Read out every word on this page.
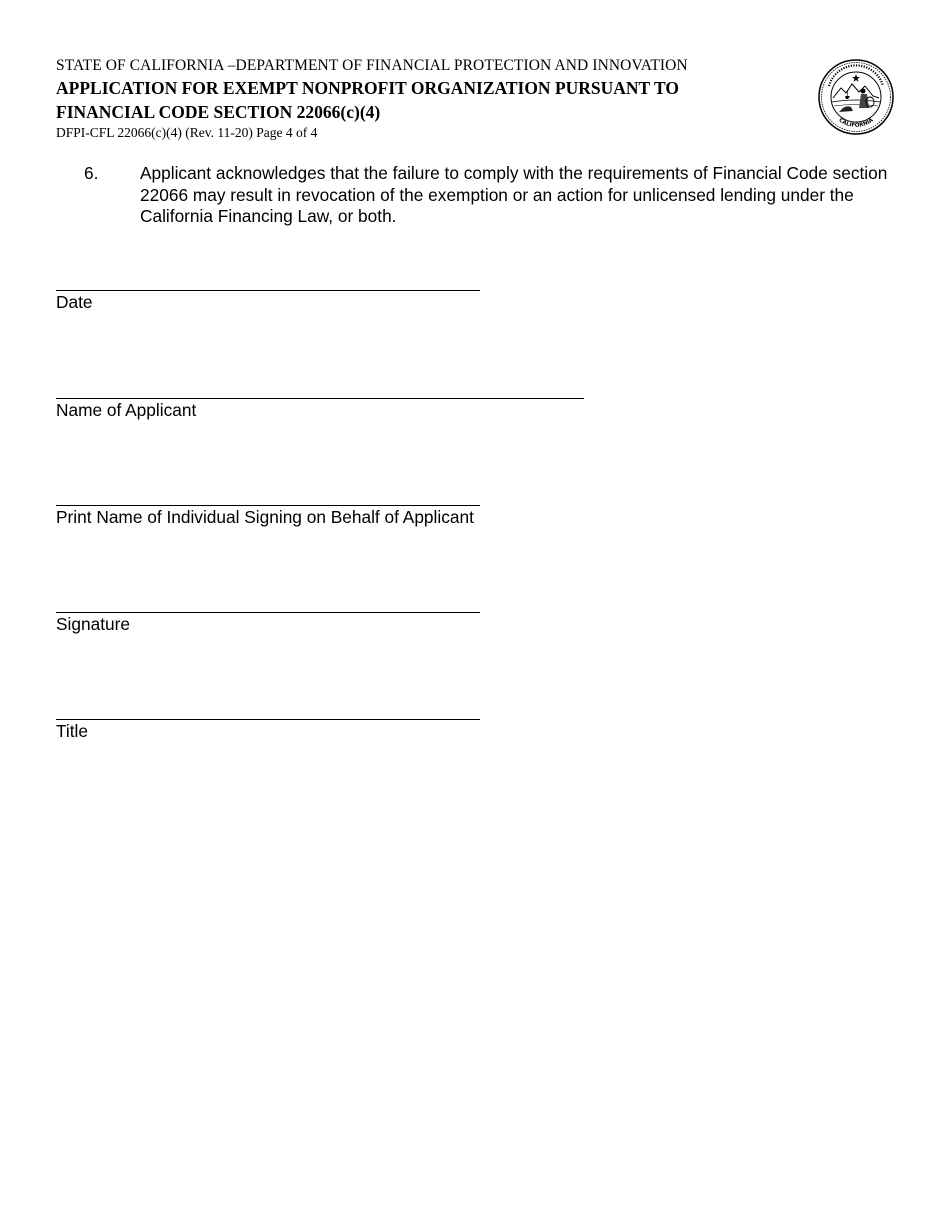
STATE OF CALIFORNIA –DEPARTMENT OF FINANCIAL PROTECTION AND INNOVATION
APPLICATION FOR EXEMPT NONPROFIT ORGANIZATION PURSUANT TO
FINANCIAL CODE SECTION 22066(c)(4)
DFPI-CFL 22066(c)(4) (Rev. 11-20) Page 4 of 4
CALIFORNIA
6. Applicant acknowledges that the failure to comply with the requirements of Financial Code section 22066 may result in revocation of the exemption or an action for unlicensed lending under the California Financing Law, or both.
Date
Name of Applicant
Print Name of Individual Signing on Behalf of Applicant
Signature
Title
